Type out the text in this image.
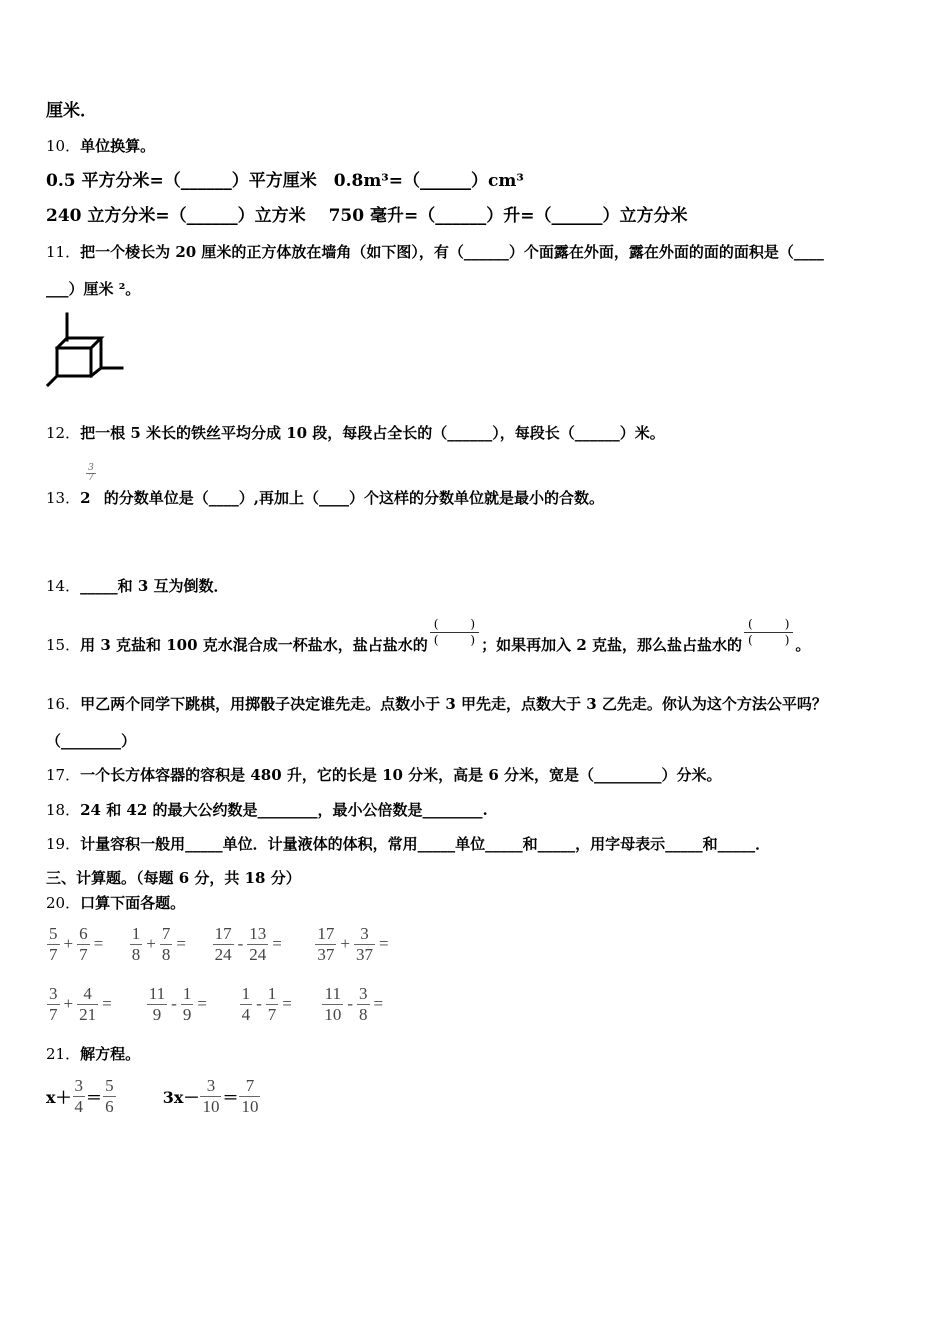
厘米．
10．单位换算。
0.5 平方分米=（______）平方厘米　0.8m³=（______）cm³
240 立方分米=（______）立方米　 750 毫升=（______）升=（______）立方分米
11．把一个棱长为 20 厘米的正方体放在墙角（如下图），有（______）个面露在外面，露在外面的面的面积是（____
___）厘米 ²。
12．把一根 5 米长的铁丝平均分成 10 段，每段占全长的（______），每段长（______）米。
$\frac{3}{7}$
13．2 的分数单位是（____）,再加上（____）个这样的分数单位就是最小的合数。
14．_____和 3 互为倒数．
15．用 3 克盐和 100 克水混合成一杯盐水，盐占盐水的
(	)
(	) ；如果再加入 2 克盐，那么盐占盐水的
(	)
(	) 。
16．甲乙两个同学下跳棋，用掷骰子决定谁先走。点数小于 3 甲先走，点数大于 3 乙先走。你认为这个方法公平吗？
（________）
17．一个长方体容器的容积是 480 升，它的长是 10 分米，高是 6 分米，宽是（_________）分米。
18．24 和 42 的最大公约数是________，最小公倍数是________.
19．计量容积一般用_____单位．计量液体的体积，常用_____单位_____和_____，用字母表示_____和_____．
三、计算题。（每题 6 分，共 18 分）
20．口算下面各题。
$\frac{5}{7} + \frac{6}{7} = \frac{1}{8} + \frac{7}{8} = \frac{17}{24} - \frac{13}{24} = \frac{17}{37} + \frac{3}{37}$ =
$\frac{3}{7} + \frac{4}{21} = \frac{11}{9} - \frac{1}{9} = \frac{1}{4} - \frac{1}{7} = \frac{11}{10} - \frac{3}{8}$ =
21．解方程。
$x+ \frac{3}{4} = \frac{5}{6}$	$3x- \frac{3}{10} = \frac{7}{10}$
